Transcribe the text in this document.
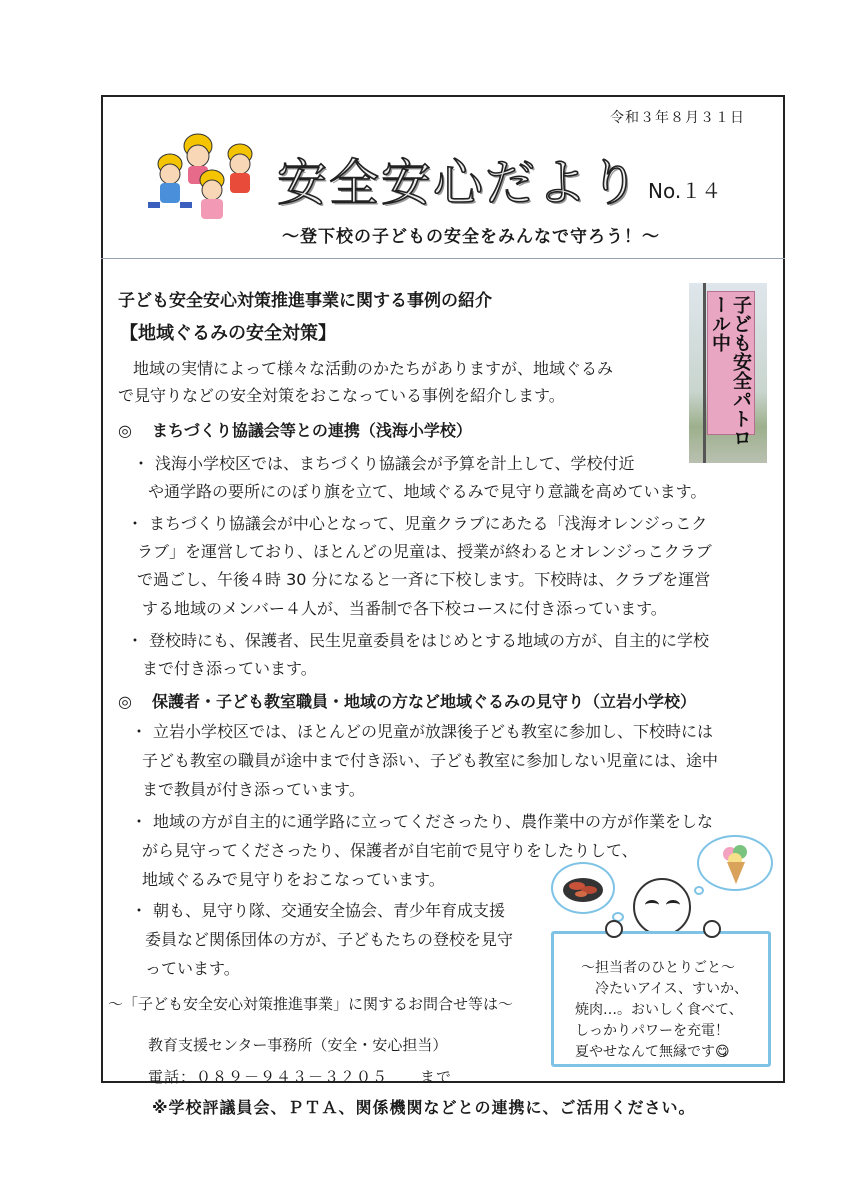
令和３年８月３１日
安全安心だより No.１４
～登下校の子どもの安全をみんなで守ろう！～
子ども安全安心対策推進事業に関する事例の紹介
【地域ぐるみの安全対策】
地域の実情によって様々な活動のかたちがありますが、地域ぐるみ
で見守りなどの安全対策をおこなっている事例を紹介します。
◎ まちづくり協議会等との連携（浅海小学校）
・ 浅海小学校区では、まちづくり協議会が予算を計上して、学校付近
や通学路の要所にのぼり旗を立て、地域ぐるみで見守り意識を高めています。
・ まちづくり協議会が中心となって、児童クラブにあたる「浅海オレンジっこク
ラブ」を運営しており、ほとんどの児童は、授業が終わるとオレンジっこクラブ
で過ごし、午後４時 30 分になると一斉に下校します。下校時は、クラブを運営
する地域のメンバー４人が、当番制で各下校コースに付き添っています。
・ 登校時にも、保護者、民生児童委員をはじめとする地域の方が、自主的に学校
まで付き添っています。
◎ 保護者・子ども教室職員・地域の方など地域ぐるみの見守り（立岩小学校）
・ 立岩小学校区では、ほとんどの児童が放課後子ども教室に参加し、下校時には
子ども教室の職員が途中まで付き添い、子ども教室に参加しない児童には、途中
まで教員が付き添っています。
・ 地域の方が自主的に通学路に立ってくださったり、農作業中の方が作業をしな
がら見守ってくださったり、保護者が自宅前で見守りをしたりして、
地域ぐるみで見守りをおこなっています。
・ 朝も、見守り隊、交通安全協会、青少年育成支援
委員など関係団体の方が、子どもたちの登校を見守
っています。
～「子ども安全安心対策推進事業」に関するお問合せ等は～
教育支援センター事務所（安全・安心担当）
電話：０８９－９４３－３２０５　　まで
子ども安全パトロール中
～担当者のひとりごと～
冷たいアイス、すいか、
焼肉…。おいしく食べて、
しっかりパワーを充電！
夏やせなんて無縁です😋
※学校評議員会、ＰＴＡ、関係機関などとの連携に、ご活用ください。
